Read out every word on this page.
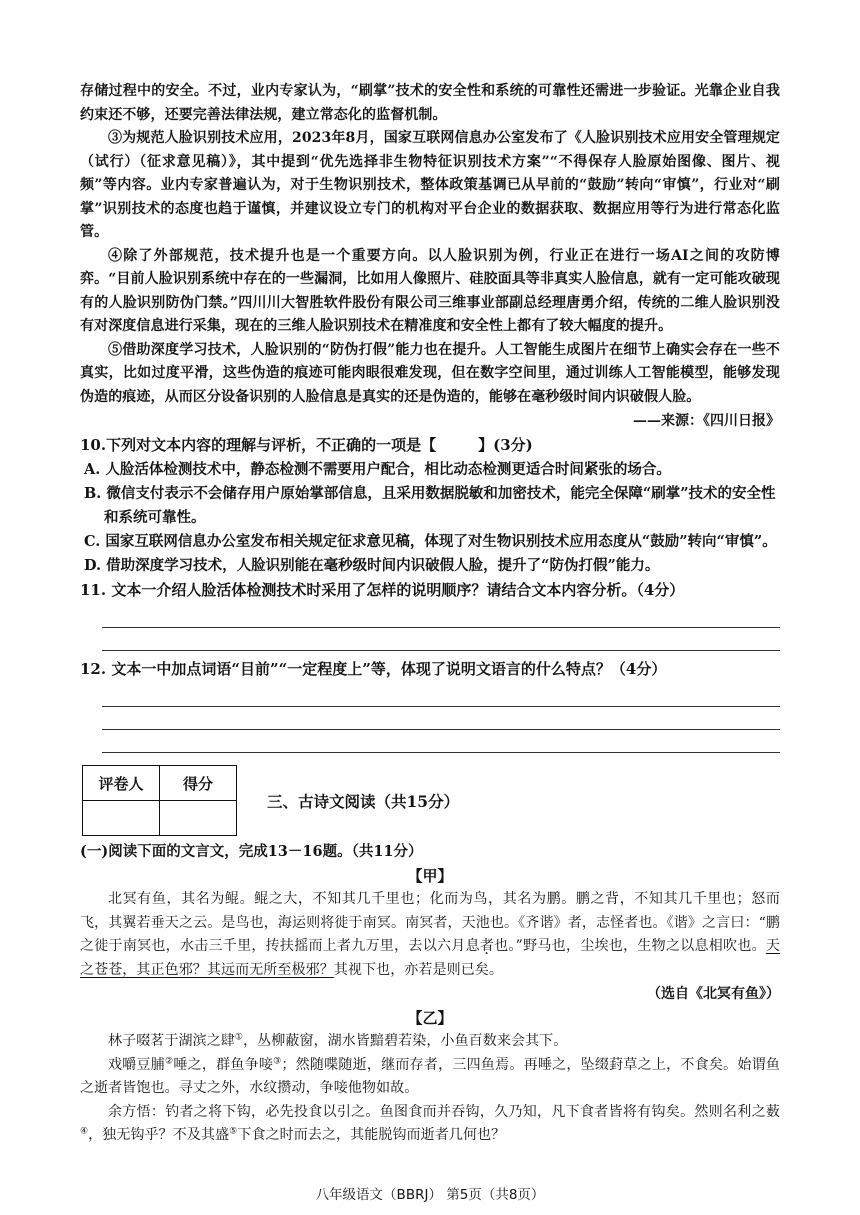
存储过程中的安全。不过，业内专家认为，“刷掌”技术的安全性和系统的可靠性还需进一步验证。光靠企业自我约束还不够，还要完善法律法规，建立常态化的监督机制。

③为规范人脸识别技术应用，2023年8月，国家互联网信息办公室发布了《人脸识别技术应用安全管理规定（试行）（征求意见稿）》，其中提到“优先选择非生物特征识别技术方案”“不得保存人脸原始图像、图片、视频”等内容。业内专家普遍认为，对于生物识别技术，整体政策基调已从早前的“鼓励”转向“审慎”，行业对“刷掌”识别技术的态度也趋于谨慎，并建议设立专门的机构对平台企业的数据获取、数据应用等行为进行常态化监管。

④除了外部规范，技术提升也是一个重要方向。以人脸识别为例，行业正在进行一场AI之间的攻防博弈。“目前人脸识别系统中存在的一些漏洞，比如用人像照片、硅胶面具等非真实人脸信息，就有一定可能攻破现有的人脸识别防伪门禁。”四川川大智胜软件股份有限公司三维事业部副总经理唐勇介绍，传统的二维人脸识别没有对深度信息进行采集，现在的三维人脸识别技术在精准度和安全性上都有了较大幅度的提升。

⑤借助深度学习技术，人脸识别的“防伪打假”能力也在提升。人工智能生成图片在细节上确实会存在一些不真实，比如过度平滑，这些伪造的痕迹可能肉眼很难发现，但在数字空间里，通过训练人工智能模型，能够发现伪造的痕迹，从而区分设备识别的人脸信息是真实的还是伪造的，能够在毫秒级时间内识破假人脸。

——来源：《四川日报》

10.下列对文本内容的理解与评析，不正确的一项是【	】(3分)

A. 人脸活体检测技术中，静态检测不需要用户配合，相比动态检测更适合时间紧张的场合。

B. 微信支付表示不会储存用户原始掌部信息，且采用数据脱敏和加密技术，能完全保障“刷掌”技术的安全性和系统可靠性。

C. 国家互联网信息办公室发布相关规定征求意见稿，体现了对生物识别技术应用态度从“鼓励”转向“审慎”。

D. 借助深度学习技术，人脸识别能在毫秒级时间内识破假人脸，提升了“防伪打假”能力。

11. 文本一介绍人脸活体检测技术时采用了怎样的说明顺序？请结合文本内容分析。（4分）

12. 文本一中加点词语“目前”“一定程度上”等，体现了说明文语言的什么特点？（4分）

评卷人	得分

三、古诗文阅读（共15分）

(一)阅读下面的文言文，完成13－16题。（共11分）

【甲】

北冥有鱼，其名为鲲。鲲之大，不知其几千里也；化而为鸟，其名为鹏。鹏之背，不知其几千里也；怒而飞，其翼若垂天之云。是鸟也，海运则将徙于南冥。南冥者，天池也。《齐谐》者，志怪者也。《谐》之言曰：“鹏之徙于南冥也，水击三千里，抟扶摇而上者九万里，去以六月息者也。”野马也，尘埃也，生物之以息相吹也。天之苍苍，其正色邪？其远而无所至极邪？其视下也，亦若是则已矣。

（选自《北冥有鱼》）

【乙】

林子啜茗于湖滨之肆①，丛柳蔽窗，湖水皆黯碧若染，小鱼百数来会其下。

戏嚼豆脯②唾之，群鱼争唼③；然随喋随逝，继而存者，三四鱼焉。再唾之，坠缀葑草之上，不食矣。始谓鱼之逝者皆饱也。寻丈之外，水纹攒动，争唼他物如故。

余方悟：钓者之将下钩，必先投食以引之。鱼图食而并吞钩，久乃知，凡下食者皆将有钩矣。然则名利之薮④，独无钩乎？不及其盛⑤下食之时而去之，其能脱钩而逝者几何也？

八年级语文（BBRJ） 第5页（共8页）
